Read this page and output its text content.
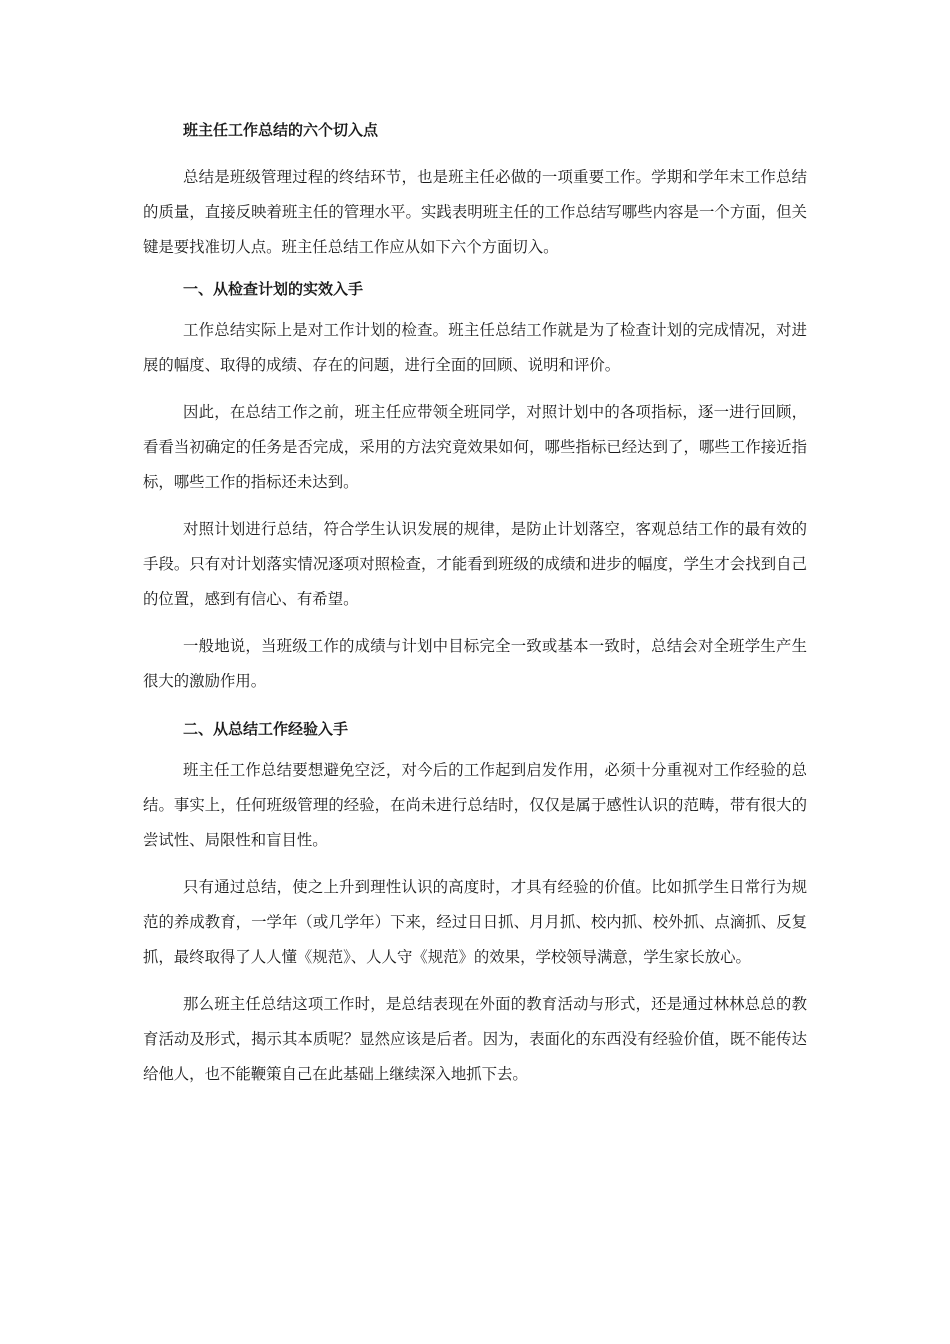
班主任工作总结的六个切入点

总结是班级管理过程的终结环节，也是班主任必做的一项重要工作。学期和学年末工作总结的质量，直接反映着班主任的管理水平。实践表明班主任的工作总结写哪些内容是一个方面，但关键是要找准切人点。班主任总结工作应从如下六个方面切入。

一、从检查计划的实效入手

工作总结实际上是对工作计划的检查。班主任总结工作就是为了检查计划的完成情况，对进展的幅度、取得的成绩、存在的问题，进行全面的回顾、说明和评价。

因此，在总结工作之前，班主任应带领全班同学，对照计划中的各项指标，逐一进行回顾，看看当初确定的任务是否完成，采用的方法究竟效果如何，哪些指标已经达到了，哪些工作接近指标，哪些工作的指标还未达到。

对照计划进行总结，符合学生认识发展的规律，是防止计划落空，客观总结工作的最有效的手段。只有对计划落实情况逐项对照检查，才能看到班级的成绩和进步的幅度，学生才会找到自己的位置，感到有信心、有希望。

一般地说，当班级工作的成绩与计划中目标完全一致或基本一致时，总结会对全班学生产生很大的激励作用。

二、从总结工作经验入手

班主任工作总结要想避免空泛，对今后的工作起到启发作用，必须十分重视对工作经验的总结。事实上，任何班级管理的经验，在尚未进行总结时，仅仅是属于感性认识的范畴，带有很大的尝试性、局限性和盲目性。

只有通过总结，使之上升到理性认识的高度时，才具有经验的价值。比如抓学生日常行为规范的养成教育，一学年（或几学年）下来，经过日日抓、月月抓、校内抓、校外抓、点滴抓、反复抓，最终取得了人人懂《规范》、人人守《规范》的效果，学校领导满意，学生家长放心。

那么班主任总结这项工作时，是总结表现在外面的教育活动与形式，还是通过林林总总的教育活动及形式，揭示其本质呢？显然应该是后者。因为，表面化的东西没有经验价值，既不能传达给他人，也不能鞭策自己在此基础上继续深入地抓下去。
